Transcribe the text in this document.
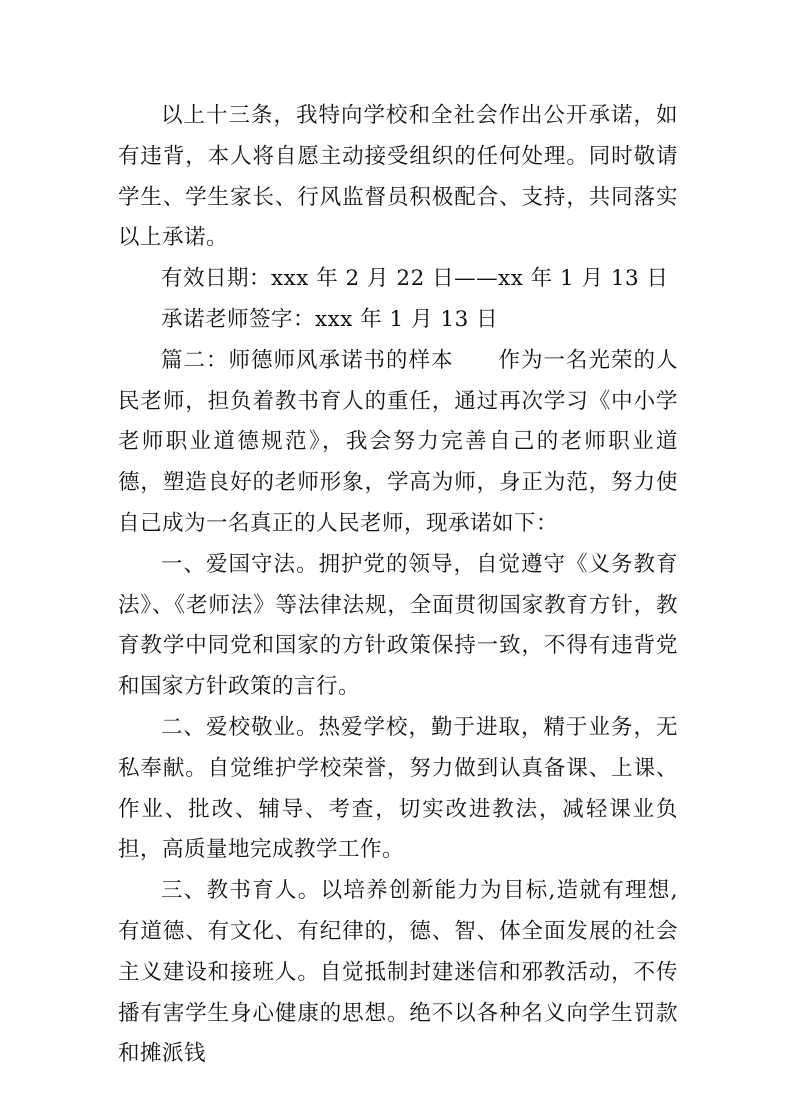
以上十三条，我特向学校和全社会作出公开承诺，如有违背，本人将自愿主动接受组织的任何处理。同时敬请学生、学生家长、行风监督员积极配合、支持，共同落实以上承诺。

有效日期：xxx 年 2 月 22 日——xx 年 1 月 13 日

承诺老师签字：xxx 年 1 月 13 日

篇二：师德师风承诺书的样本　　作为一名光荣的人民老师，担负着教书育人的重任，通过再次学习《中小学老师职业道德规范》，我会努力完善自己的老师职业道德，塑造良好的老师形象，学高为师，身正为范，努力使自己成为一名真正的人民老师，现承诺如下：

一、爱国守法。拥护党的领导，自觉遵守《义务教育法》、《老师法》等法律法规，全面贯彻国家教育方针，教育教学中同党和国家的方针政策保持一致，不得有违背党和国家方针政策的言行。

二、爱校敬业。热爱学校，勤于进取，精于业务，无私奉献。自觉维护学校荣誉，努力做到认真备课、上课、作业、批改、辅导、考查，切实改进教法，减轻课业负担，高质量地完成教学工作。

三、教书育人。以培养创新能力为目标,造就有理想,有道德、有文化、有纪律的，德、智、体全面发展的社会主义建设和接班人。自觉抵制封建迷信和邪教活动，不传播有害学生身心健康的思想。绝不以各种名义向学生罚款和摊派钱
